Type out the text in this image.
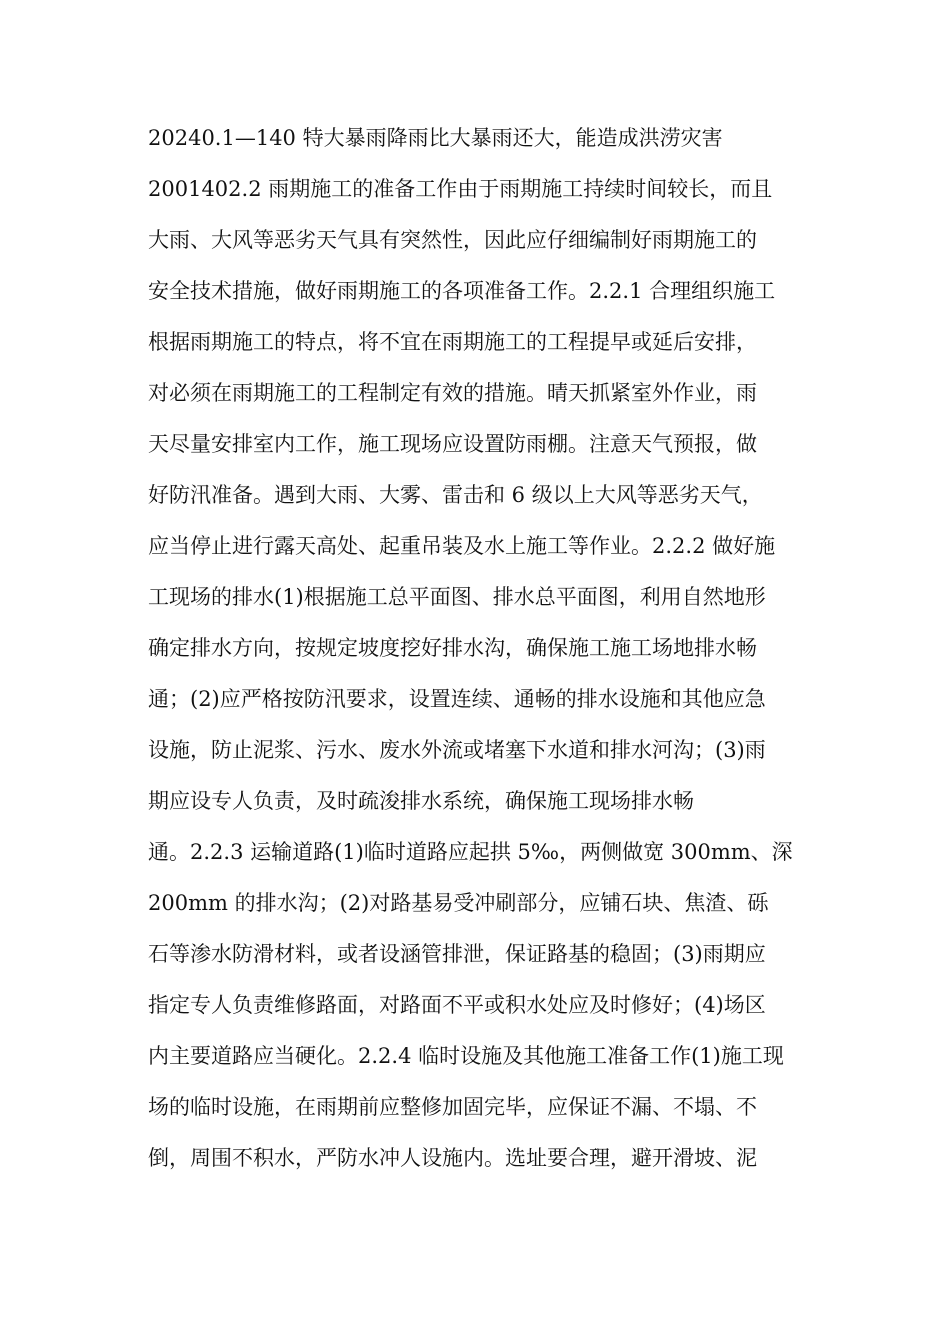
20240.1—140 特大暴雨降雨比大暴雨还大，能造成洪涝灾害
2001402.2 雨期施工的准备工作由于雨期施工持续时间较长，而且
大雨、大风等恶劣天气具有突然性，因此应仔细编制好雨期施工的
安全技术措施，做好雨期施工的各项准备工作。2.2.1 合理组织施工
根据雨期施工的特点，将不宜在雨期施工的工程提早或延后安排，
对必须在雨期施工的工程制定有效的措施。晴天抓紧室外作业，雨
天尽量安排室内工作，施工现场应设置防雨棚。注意天气预报，做
好防汛准备。遇到大雨、大雾、雷击和 6 级以上大风等恶劣天气，
应当停止进行露天高处、起重吊装及水上施工等作业。2.2.2 做好施
工现场的排水(1)根据施工总平面图、排水总平面图，利用自然地形
确定排水方向，按规定坡度挖好排水沟，确保施工施工场地排水畅
通；(2)应严格按防汛要求，设置连续、通畅的排水设施和其他应急
设施，防止泥浆、污水、废水外流或堵塞下水道和排水河沟；(3)雨
期应设专人负责，及时疏浚排水系统，确保施工现场排水畅
通。2.2.3 运输道路(1)临时道路应起拱 5‰，两侧做宽 300mm、深
200mm 的排水沟；(2)对路基易受冲刷部分，应铺石块、焦渣、砾
石等渗水防滑材料，或者设涵管排泄，保证路基的稳固；(3)雨期应
指定专人负责维修路面，对路面不平或积水处应及时修好；(4)场区
内主要道路应当硬化。2.2.4 临时设施及其他施工准备工作(1)施工现
场的临时设施，在雨期前应整修加固完毕，应保证不漏、不塌、不
倒，周围不积水，严防水冲人设施内。选址要合理，避开滑坡、泥
